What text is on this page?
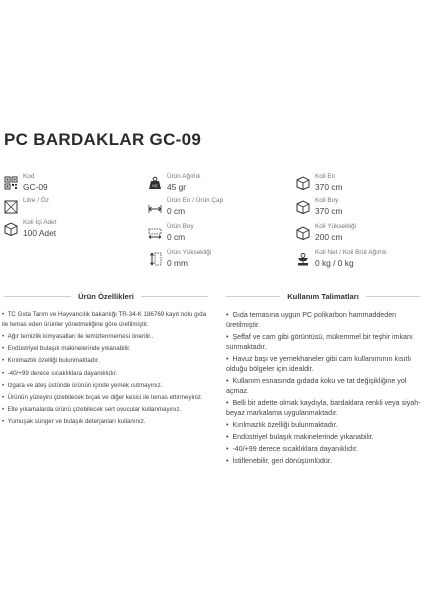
PC BARDAKLAR GC-09
Kod
GC-09
Litre / Öz
Koli İçi Adet
100 Adet
KG
Ürün Ağırlık
45 gr
Ürün En / Ürün Çap
0 cm
Ürün Boy
0 cm
Ürün Yüksekliği
0 mm
Koli En
370 cm
Koli Boy
370 cm
Koli Yüksekliği
200 cm
Koli Net / Koli Brüt Ağırlık
0 kg / 0 kg
Ürün Özellikleri	Kullanım Talimatları
•  TC Gıda Tarım ve Hayvancılık bakanlığı TR-34-K 186769 kayıt nolu gıda ile temas eden ürünler yönetmeliğine göre üretilmiştir.
•  Ağır temizlik kimyasalları ile temizlenmemesi önerilir..
•  Endüstriyel bulaşık makinelerinde yıkanabilir.
•  Kırılmazlık özelliği bulunmaktadır.
•  -40/+99 derece sıcaklıklara dayanıklıdır.
•  Izgara ve ateş üstünde ürünün içinde yemek ısıtmayınız.
•  Ürünün yüzeyini çizebilecek bıçak ve diğer kesici ile temas ettirmeyiniz.
•  Elle yıkamalarda ürünü çizebilecek sert ovucular kullanmayınız.
•  Yumuşak sünger ve bulaşık deterjanları kullanınız.
•  Gıda temasına uygun PC polikarbon hammaddeden üretilmiştir.
•  Şeffaf ve cam gibi görüntüsü, mükemmel bir teşhir imkanı sunmaktadır.
•  Havuz başı ve yemekhaneler gibi cam kullanımının kısıtlı olduğu bölgeler için idealdir.
•  Kullanım esnasında gıdada koku ve tat değişikliğine yol açmaz.
•  Belli bir adette olmak kaydıyla, bardaklara renkli veya siyah-beyaz markalama uygulanmaktadır.
•  Kırılmazlık özelliği bulunmaktadır.
•  Endüstriyel bulaşık makinelerinde yıkanabilir.
•  -40/+99 derece sıcaklıklara dayanıklıdır.
•  İstiflenebilir, geri dönüşümlüdür.
